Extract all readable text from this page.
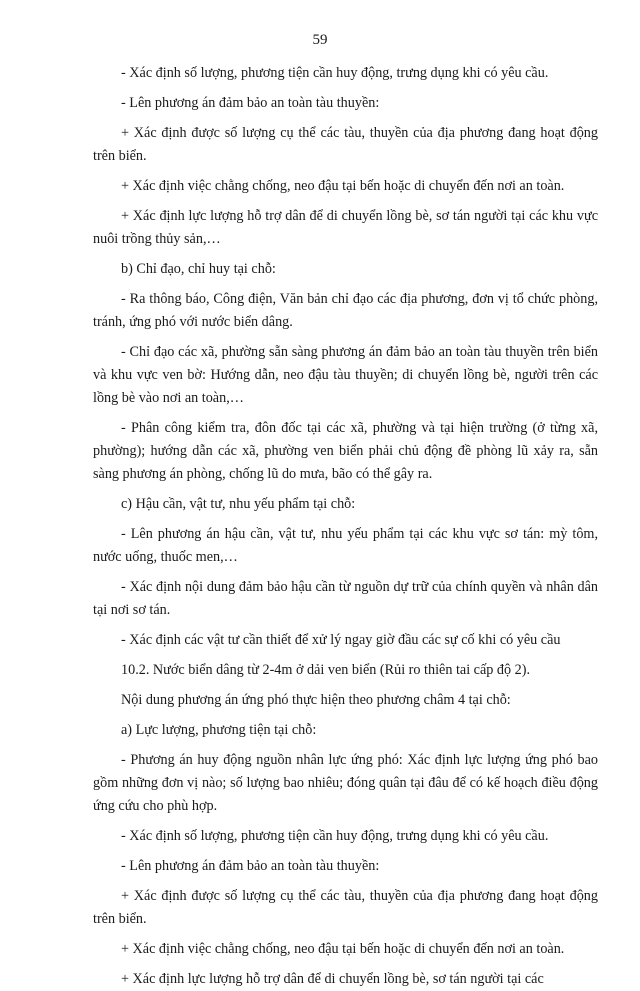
59

- Xác định số lượng, phương tiện cần huy động, trưng dụng khi có yêu cầu.

- Lên phương án đảm bảo an toàn tàu thuyền:

+ Xác định được số lượng cụ thể các tàu, thuyền của địa phương đang hoạt động trên biển.

+ Xác định việc chằng chống, neo đậu tại bến hoặc di chuyển đến nơi an toàn.

+ Xác định lực lượng hỗ trợ dân để di chuyển lồng bè, sơ tán người tại các khu vực nuôi trồng thủy sản,…

b) Chỉ đạo, chỉ huy tại chỗ:

- Ra thông báo, Công điện, Văn bản chỉ đạo các địa phương, đơn vị tổ chức phòng, tránh, ứng phó với nước biển dâng.

- Chỉ đạo các xã, phường sẵn sàng phương án đảm bảo an toàn tàu thuyền trên biển và khu vực ven bờ: Hướng dẫn, neo đậu tàu thuyền; di chuyển lồng bè, người trên các lồng bè vào nơi an toàn,…

- Phân công kiểm tra, đôn đốc tại các xã, phường và tại hiện trường (ở từng xã, phường); hướng dẫn các xã, phường ven biển phải chủ động đề phòng lũ xảy ra, sẵn sàng phương án phòng, chống lũ do mưa, bão có thể gây ra.

c) Hậu cần, vật tư, nhu yếu phẩm tại chỗ:

- Lên phương án hậu cần, vật tư, nhu yếu phẩm tại các khu vực sơ tán: mỳ tôm, nước uống, thuốc men,…

- Xác định nội dung đảm bảo hậu cần từ nguồn dự trữ của chính quyền và nhân dân tại nơi sơ tán.

- Xác định các vật tư cần thiết để xử lý ngay giờ đầu các sự cố khi có yêu cầu

10.2. Nước biển dâng từ 2-4m ở dải ven biển (Rủi ro thiên tai cấp độ 2).

Nội dung phương án ứng phó thực hiện theo phương châm 4 tại chỗ:

a) Lực lượng, phương tiện tại chỗ:

- Phương án huy động nguồn nhân lực ứng phó: Xác định lực lượng ứng phó bao gồm những đơn vị nào; số lượng bao nhiêu; đóng quân tại đâu để có kế hoạch điều động ứng cứu cho phù hợp.

- Xác định số lượng, phương tiện cần huy động, trưng dụng khi có yêu cầu.

- Lên phương án đảm bảo an toàn tàu thuyền:

+ Xác định được số lượng cụ thể các tàu, thuyền của địa phương đang hoạt động trên biển.

+ Xác định việc chằng chống, neo đậu tại bến hoặc di chuyển đến nơi an toàn.

+ Xác định lực lượng hỗ trợ dân để di chuyển lồng bè, sơ tán người tại các
